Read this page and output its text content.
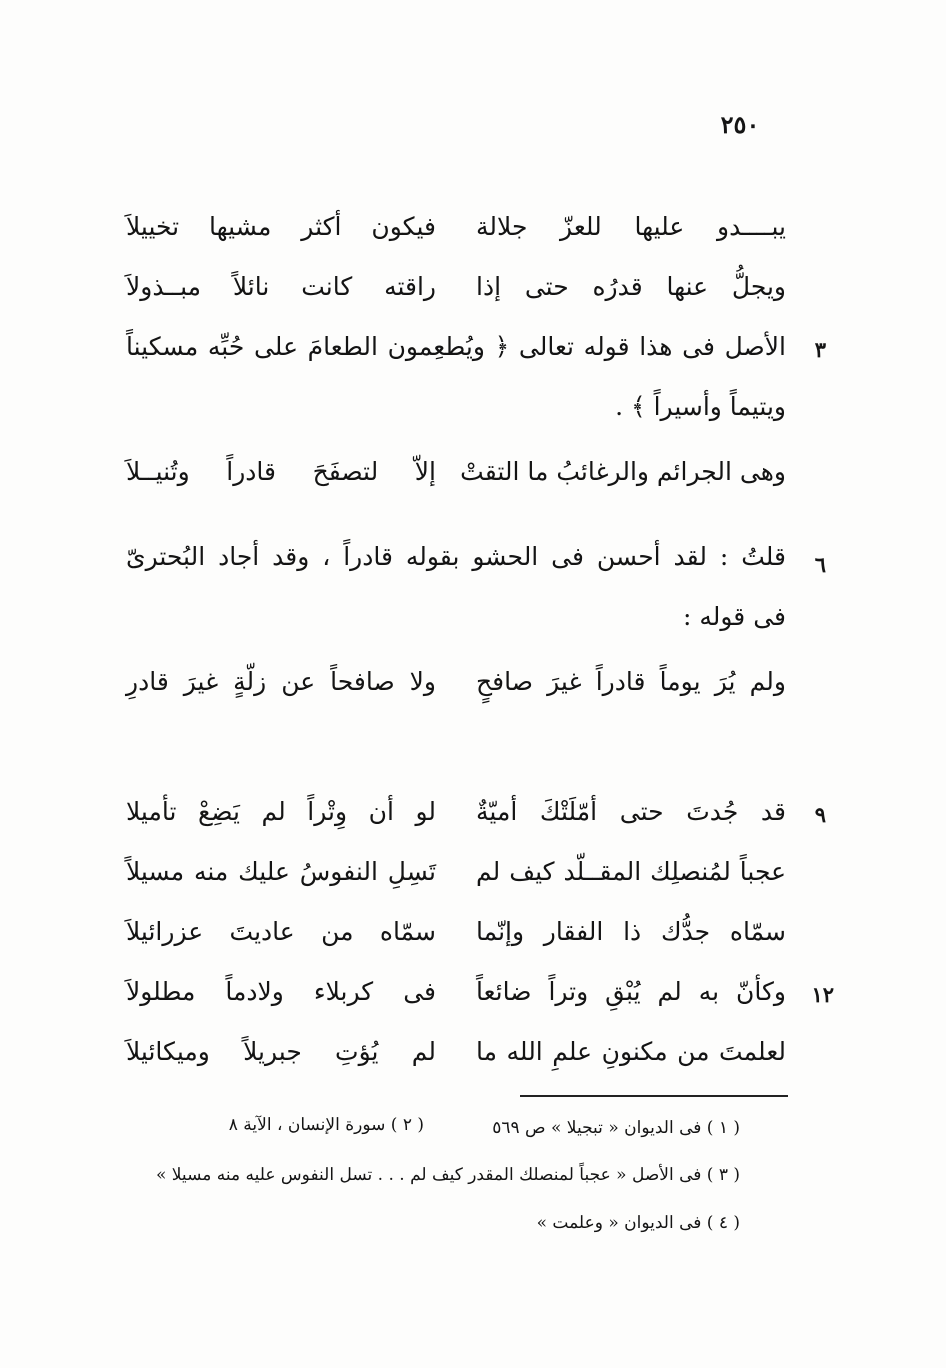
٢٥٠
يبــــدو عليها للعزّ جلالة
فيكون أكثر مشيها تخييلاَ
ويجلُّ عنها قدرُه حتى إذا
راقته كانت نائلاً مبــذولاَ
٣
الأصل فى هذا قوله تعالى ﴿ ويُطعِمون الطعامَ على حُبِّه مسكيناً
ويتيماً وأسيراً ﴾ .
وهى الجرائم والرغائبُ ما التقتْ
إلاّ لتصفَحَ قادراً وتُنيــلاَ
٦
قلتُ : لقد أحسن فى الحشو بقوله قادراً ، وقد أجاد البُحترىّ
فى قوله :
ولم يُرَ يوماً قادراً غيرَ صافحٍ
ولا صافحاً عن زلّةٍ غيرَ قادرِ
٩
قد جُدتَ حتى أمّلَتْكَ أميّةٌ
لو أن وِتْراً لم يَضِعْ تأميلا
عجباً لمُنصلِك المقــلّد كيف لم
تَسِلِ النفوسُ عليك منه مسيلاً
سمّاه جدُّك ذا الفقار وإنّما
سمّاه من عاديتَ عزرائيلاَ
١٢
وكأنّ به لم يُبْقِ وتراً ضائعاً
فى كربلاء ولادماً مطلولاَ
لعلمتَ من مكنونِ علمِ الله ما
لم يُؤتِ جبريلاً وميكائيلاَ
( ١ ) فى الديوان « تبجيلا » ص ٥٦٩
( ٢ ) سورة الإنسان ، الآية ٨
( ٣ ) فى الأصل « عجباً لمنصلك المقدر كيف لم . . . تسل النفوس عليه منه مسيلا »
( ٤ ) فى الديوان « وعلمت »
